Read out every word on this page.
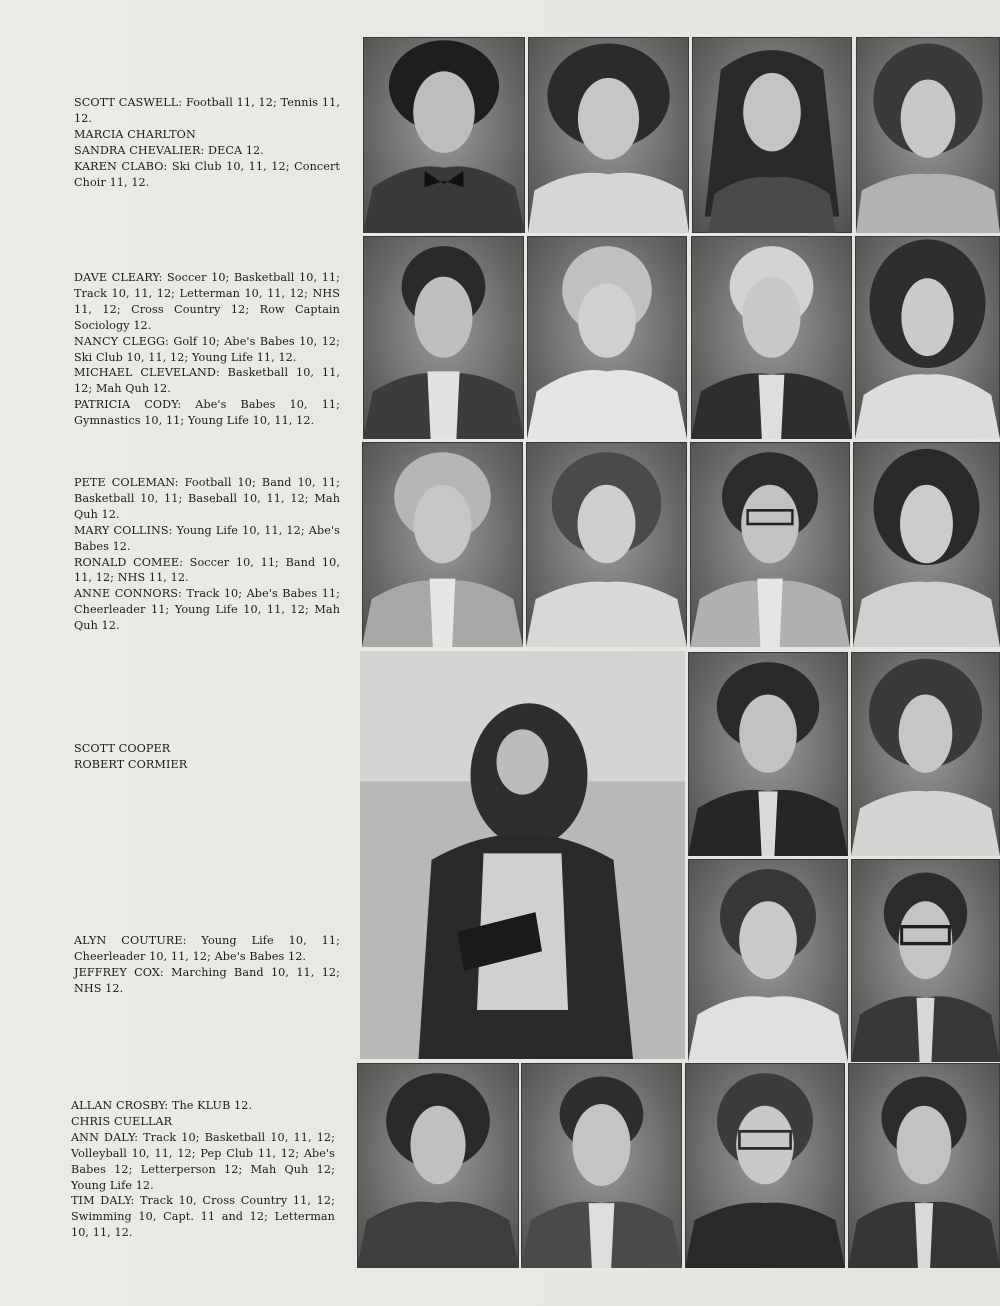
SCOTT CASWELL: Football 11, 12; Tennis 11, 12.

MARCIA CHARLTON

SANDRA CHEVALIER: DECA 12.

KAREN CLABO: Ski Club 10, 11, 12; Concert Choir 11, 12.

DAVE CLEARY: Soccer 10; Basketball 10, 11; Track 10, 11, 12; Letterman 10, 11, 12; NHS 11, 12; Cross Country 12; Row Captain Sociology 12.

NANCY CLEGG: Golf 10; Abe's Babes 10, 12; Ski Club 10, 11, 12; Young Life 11, 12.

MICHAEL CLEVELAND: Basketball 10, 11, 12; Mah Quh 12.

PATRICIA CODY: Abe's Babes 10, 11; Gymnastics 10, 11; Young Life 10, 11, 12.

PETE COLEMAN: Football 10; Band 10, 11; Basketball 10, 11; Baseball 10, 11, 12; Mah Quh 12.

MARY COLLINS: Young Life 10, 11, 12; Abe's Babes 12.

RONALD COMEE: Soccer 10, 11; Band 10, 11, 12; NHS 11, 12.

ANNE CONNORS: Track 10; Abe's Babes 11; Cheerleader 11; Young Life 10, 11, 12; Mah Quh 12.

SCOTT COOPER

ROBERT CORMIER

ALYN COUTURE: Young Life 10, 11; Cheerleader 10, 11, 12; Abe's Babes 12.

JEFFREY COX: Marching Band 10, 11, 12; NHS 12.

ALLAN CROSBY: The KLUB 12.

CHRIS CUELLAR

ANN DALY: Track 10; Basketball 10, 11, 12; Volleyball 10, 11, 12; Pep Club 11, 12; Abe's Babes 12; Letterperson 12; Mah Quh 12; Young Life 12.

TIM DALY: Track 10, Cross Country 11, 12; Swimming 10, Capt. 11 and 12; Letterman 10, 11, 12.
